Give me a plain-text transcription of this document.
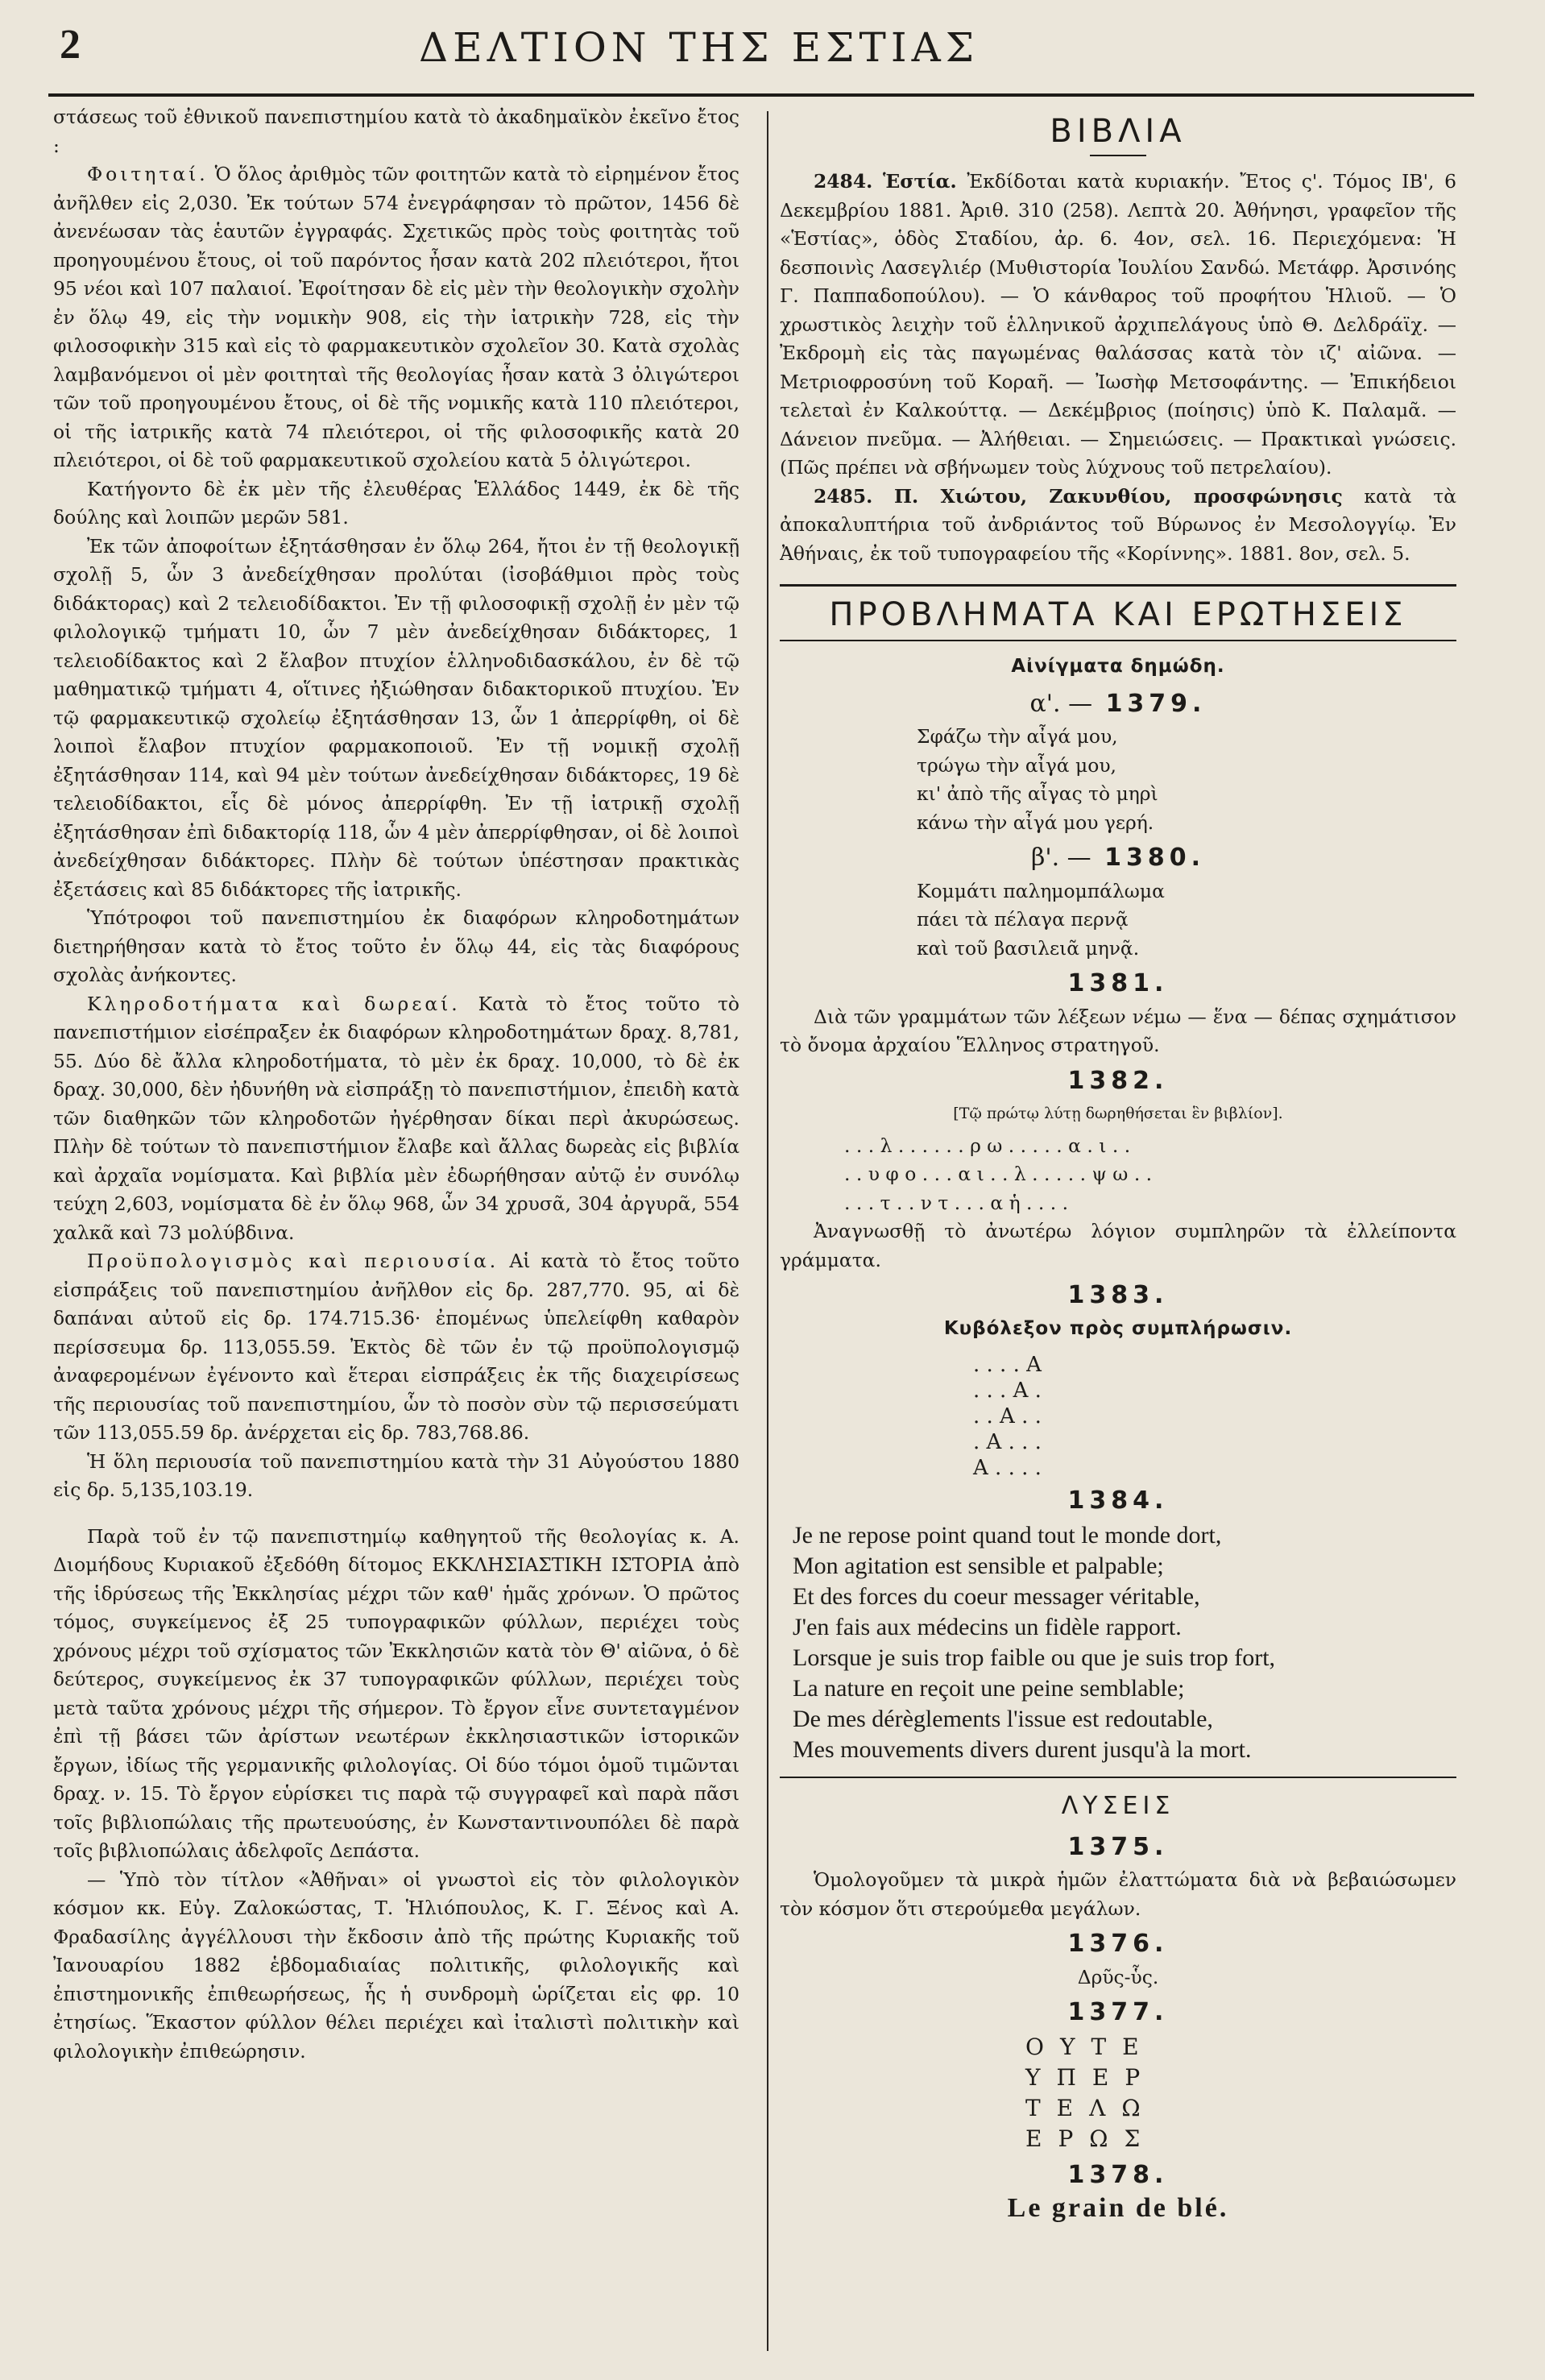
2	ΔΕΛΤΙΟΝ ΤΗΣ ΕΣΤΙΑΣ

στάσεως τοῦ ἐθνικοῦ πανεπιστημίου κατὰ τὸ ἀκαδημαϊκὸν ἐκεῖνο ἔτος :

Φοιτηταί. Ὁ ὅλος ἀριθμὸς τῶν φοιτητῶν κατὰ τὸ εἰρημένον ἔτος ἀνῆλθεν εἰς 2,030. Ἐκ τούτων 574 ἐνεγράφησαν τὸ πρῶτον, 1456 δὲ ἀνενέωσαν τὰς ἑαυτῶν ἐγγραφάς. Σχετικῶς πρὸς τοὺς φοιτητὰς τοῦ προηγουμένου ἔτους, οἱ τοῦ παρόντος ἦσαν κατὰ 202 πλειότεροι, ἤτοι 95 νέοι καὶ 107 παλαιοί. Ἐφοίτησαν δὲ εἰς μὲν τὴν θεολογικὴν σχολὴν ἐν ὅλῳ 49, εἰς τὴν νομικὴν 908, εἰς τὴν ἰατρικὴν 728, εἰς τὴν φιλοσοφικὴν 315 καὶ εἰς τὸ φαρμακευτικὸν σχολεῖον 30. Κατὰ σχολὰς λαμβανόμενοι οἱ μὲν φοιτηταὶ τῆς θεολογίας ἦσαν κατὰ 3 ὀλιγώτεροι τῶν τοῦ προηγουμένου ἔτους, οἱ δὲ τῆς νομικῆς κατὰ 110 πλειότεροι, οἱ τῆς ἰατρικῆς κατὰ 74 πλειότεροι, οἱ τῆς φιλοσοφικῆς κατὰ 20 πλειότεροι, οἱ δὲ τοῦ φαρμακευτικοῦ σχολείου κατὰ 5 ὀλιγώτεροι.

Κατήγοντο δὲ ἐκ μὲν τῆς ἐλευθέρας Ἑλλάδος 1449, ἐκ δὲ τῆς δούλης καὶ λοιπῶν μερῶν 581.

Ἐκ τῶν ἀποφοίτων ἐξητάσθησαν ἐν ὅλῳ 264, ἤτοι ἐν τῇ θεολογικῇ σχολῇ 5, ὧν 3 ἀνεδείχθησαν προλύται (ἰσοβάθμιοι πρὸς τοὺς διδάκτορας) καὶ 2 τελειοδίδακτοι. Ἐν τῇ φιλοσοφικῇ σχολῇ ἐν μὲν τῷ φιλολογικῷ τμήματι 10, ὧν 7 μὲν ἀνεδείχθησαν διδάκτορες, 1 τελειοδίδακτος καὶ 2 ἔλαβον πτυχίον ἑλληνοδιδασκάλου, ἐν δὲ τῷ μαθηματικῷ τμήματι 4, οἵτινες ἠξιώθησαν διδακτορικοῦ πτυχίου. Ἐν τῷ φαρμακευτικῷ σχολείῳ ἐξητάσθησαν 13, ὧν 1 ἀπερρίφθη, οἱ δὲ λοιποὶ ἔλαβον πτυχίον φαρμακοποιοῦ. Ἐν τῇ νομικῇ σχολῇ ἐξητάσθησαν 114, καὶ 94 μὲν τούτων ἀνεδείχθησαν διδάκτορες, 19 δὲ τελειοδίδακτοι, εἷς δὲ μόνος ἀπερρίφθη. Ἐν τῇ ἰατρικῇ σχολῇ ἐξητάσθησαν ἐπὶ διδακτορίᾳ 118, ὧν 4 μὲν ἀπερρίφθησαν, οἱ δὲ λοιποὶ ἀνεδείχθησαν διδάκτορες. Πλὴν δὲ τούτων ὑπέστησαν πρακτικὰς ἐξετάσεις καὶ 85 διδάκτορες τῆς ἰατρικῆς.

Ὑπότροφοι τοῦ πανεπιστημίου ἐκ διαφόρων κληροδοτημάτων διετηρήθησαν κατὰ τὸ ἔτος τοῦτο ἐν ὅλῳ 44, εἰς τὰς διαφόρους σχολὰς ἀνήκοντες.

Κληροδοτήματα καὶ δωρεαί. Κατὰ τὸ ἔτος τοῦτο τὸ πανεπιστήμιον εἰσέπραξεν ἐκ διαφόρων κληροδοτημάτων δραχ. 8,781, 55. Δύο δὲ ἄλλα κληροδοτήματα, τὸ μὲν ἐκ δραχ. 10,000, τὸ δὲ ἐκ δραχ. 30,000, δὲν ἠδυνήθη νὰ εἰσπράξῃ τὸ πανεπιστήμιον, ἐπειδὴ κατὰ τῶν διαθηκῶν τῶν κληροδοτῶν ἠγέρθησαν δίκαι περὶ ἀκυρώσεως. Πλὴν δὲ τούτων τὸ πανεπιστήμιον ἔλαβε καὶ ἄλλας δωρεὰς εἰς βιβλία καὶ ἀρχαῖα νομίσματα. Καὶ βιβλία μὲν ἐδωρήθησαν αὐτῷ ἐν συνόλῳ τεύχη 2,603, νομίσματα δὲ ἐν ὅλῳ 968, ὧν 34 χρυσᾶ, 304 ἀργυρᾶ, 554 χαλκᾶ καὶ 73 μολύβδινα.

Προϋπολογισμὸς καὶ περιουσία. Αἱ κατὰ τὸ ἔτος τοῦτο εἰσπράξεις τοῦ πανεπιστημίου ἀνῆλθον εἰς δρ. 287,770. 95, αἱ δὲ δαπάναι αὐτοῦ εἰς δρ. 174.715.36· ἐπομένως ὑπελείφθη καθαρὸν περίσσευμα δρ. 113,055.59. Ἐκτὸς δὲ τῶν ἐν τῷ προϋπολογισμῷ ἀναφερομένων ἐγένοντο καὶ ἕτεραι εἰσπράξεις ἐκ τῆς διαχειρίσεως τῆς περιουσίας τοῦ πανεπιστημίου, ὧν τὸ ποσὸν σὺν τῷ περισσεύματι τῶν 113,055.59 δρ. ἀνέρχεται εἰς δρ. 783,768.86.

Ἡ ὅλη περιουσία τοῦ πανεπιστημίου κατὰ τὴν 31 Αὐγούστου 1880 εἰς δρ. 5,135,103.19.

Παρὰ τοῦ ἐν τῷ πανεπιστημίῳ καθηγητοῦ τῆς θεολογίας κ. Α. Διομήδους Κυριακοῦ ἐξεδόθη δίτομος ΕΚΚΛΗΣΙΑΣΤΙΚΗ ΙΣΤΟΡΙΑ ἀπὸ τῆς ἱδρύσεως τῆς Ἐκκλησίας μέχρι τῶν καθ' ἡμᾶς χρόνων. Ὁ πρῶτος τόμος, συγκείμενος ἐξ 25 τυπογραφικῶν φύλλων, περιέχει τοὺς χρόνους μέχρι τοῦ σχίσματος τῶν Ἐκκλησιῶν κατὰ τὸν Θ' αἰῶνα, ὁ δὲ δεύτερος, συγκείμενος ἐκ 37 τυπογραφικῶν φύλλων, περιέχει τοὺς μετὰ ταῦτα χρόνους μέχρι τῆς σήμερον. Τὸ ἔργον εἶνε συντεταγμένον ἐπὶ τῇ βάσει τῶν ἀρίστων νεωτέρων ἐκκλησιαστικῶν ἱστορικῶν ἔργων, ἰδίως τῆς γερμανικῆς φιλολογίας. Οἱ δύο τόμοι ὁμοῦ τιμῶνται δραχ. ν. 15. Τὸ ἔργον εὑρίσκει τις παρὰ τῷ συγγραφεῖ καὶ παρὰ πᾶσι τοῖς βιβλιοπώλαις τῆς πρωτευούσης, ἐν Κωνσταντινουπόλει δὲ παρὰ τοῖς βιβλιοπώλαις ἀδελφοῖς Δεπάστα.

— Ὑπὸ τὸν τίτλον «Ἀθῆναι» οἱ γνωστοὶ εἰς τὸν φιλολογικὸν κόσμον κκ. Εὐγ. Ζαλοκώστας, Τ. Ἡλιόπουλος, Κ. Γ. Ξένος καὶ Α. Φραδασίλης ἀγγέλλουσι τὴν ἔκδοσιν ἀπὸ τῆς πρώτης Κυριακῆς τοῦ Ἰανουαρίου 1882 ἑβδομαδιαίας πολιτικῆς, φιλολογικῆς καὶ ἐπιστημονικῆς ἐπιθεωρήσεως, ἧς ἡ συνδρομὴ ὡρίζεται εἰς φρ. 10 ἐτησίως. Ἕκαστον φύλλον θέλει περιέχει καὶ ἰταλιστὶ πολιτικὴν καὶ φιλολογικὴν ἐπιθεώρησιν.

ΒΙΒΛΙΑ

2484. Ἑστία. Ἐκδίδοται κατὰ κυριακήν. Ἔτος ς'. Τόμος ΙΒ', 6 Δεκεμβρίου 1881. Ἀριθ. 310 (258). Λεπτὰ 20. Ἀθήνησι, γραφεῖον τῆς «Ἑστίας», ὁδὸς Σταδίου, ἀρ. 6. 4ον, σελ. 16. Περιεχόμενα: Ἡ δεσποινὶς Λασεγλιέρ (Μυθιστορία Ἰουλίου Σανδώ. Μετάφρ. Ἀρσινόης Γ. Παππαδοπούλου). — Ὁ κάνθαρος τοῦ προφήτου Ἡλιοῦ. — Ὁ χρωστικὸς λειχὴν τοῦ ἑλληνικοῦ ἀρχιπελάγους ὑπὸ Θ. Δελδράϊχ. — Ἐκδρομὴ εἰς τὰς παγωμένας θαλάσσας κατὰ τὸν ιζ' αἰῶνα. — Μετριοφροσύνη τοῦ Κοραῆ. — Ἰωσὴφ Μετσοφάντης. — Ἐπικήδειοι τελεταὶ ἐν Καλκούττᾳ. — Δεκέμβριος (ποίησις) ὑπὸ Κ. Παλαμᾶ. — Δάνειον πνεῦμα. — Ἀλήθειαι. — Σημειώσεις. — Πρακτικαὶ γνώσεις. (Πῶς πρέπει νὰ σβήνωμεν τοὺς λύχνους τοῦ πετρελαίου).

2485. Π. Χιώτου, Ζακυνθίου, προσφώνησις κατὰ τὰ ἀποκαλυπτήρια τοῦ ἀνδριάντος τοῦ Βύρωνος ἐν Μεσολογγίῳ. Ἐν Ἀθήναις, ἐκ τοῦ τυπογραφείου τῆς «Κορίννης». 1881. 8ον, σελ. 5.

ΠΡΟΒΛΗΜΑΤΑ ΚΑΙ ΕΡΩΤΗΣΕΙΣ
Αἰνίγματα δημώδη.
α'. — 1379.
Σφάζω τὴν αἶγά μου,
τρώγω τὴν αἶγά μου,
κι' ἀπὸ τῆς αἶγας τὸ μηρὶ
κάνω τὴν αἶγά μου γερή.
β'. — 1380.
Κομμάτι παλημομπάλωμα
πάει τὰ πέλαγα περνᾷ
καὶ τοῦ βασιλειᾶ μηνᾷ.
1381.

Διὰ τῶν γραμμάτων τῶν λέξεων νέμω — ἕνα — δέπας σχημάτισον τὸ ὄνομα ἀρχαίου Ἕλληνος στρατηγοῦ.

1382.
[Τῷ πρώτῳ λύτῃ δωρηθήσεται ἓν βιβλίον].
. . . λ . . . . . . ρ ω . . . . . α . ι . .
. . υ φ ο . . . α ι . . λ . . . . . ψ ω . .
. . . τ . . ν τ . . . α ἡ . . . .

Ἀναγνωσθῇ τὸ ἀνωτέρω λόγιον συμπληρῶν τὰ ἐλλείποντα γράμματα.

1383.
Κυβόλεξον πρὸς συμπλήρωσιν.
. . . . Α
. . . Α .
. . Α . .
. Α . . .
Α . . . .
1384.
Je ne repose point quand tout le monde dort,
Mon agitation est sensible et palpable;
Et des forces du coeur messager véritable,
J'en fais aux médecins un fidèle rapport.
Lorsque je suis trop faible ou que je suis trop fort,
La nature en reçoit une peine semblable;
De mes dérèglements l'issue est redoutable,
Mes mouvements divers durent jusqu'à la mort.
ΛΥΣΕΙΣ
1375.

Ὁμολογοῦμεν τὰ μικρὰ ἡμῶν ἐλαττώματα διὰ νὰ βεβαιώσωμεν τὸν κόσμον ὅτι στερούμεθα μεγάλων.

1376.

Δρῦς-ὗς.

1377.
ΟΥΤΕ
ΥΠΕΡ
ΤΕΛΩ
ΕΡΩΣ
1378.
Le grain de blé.
